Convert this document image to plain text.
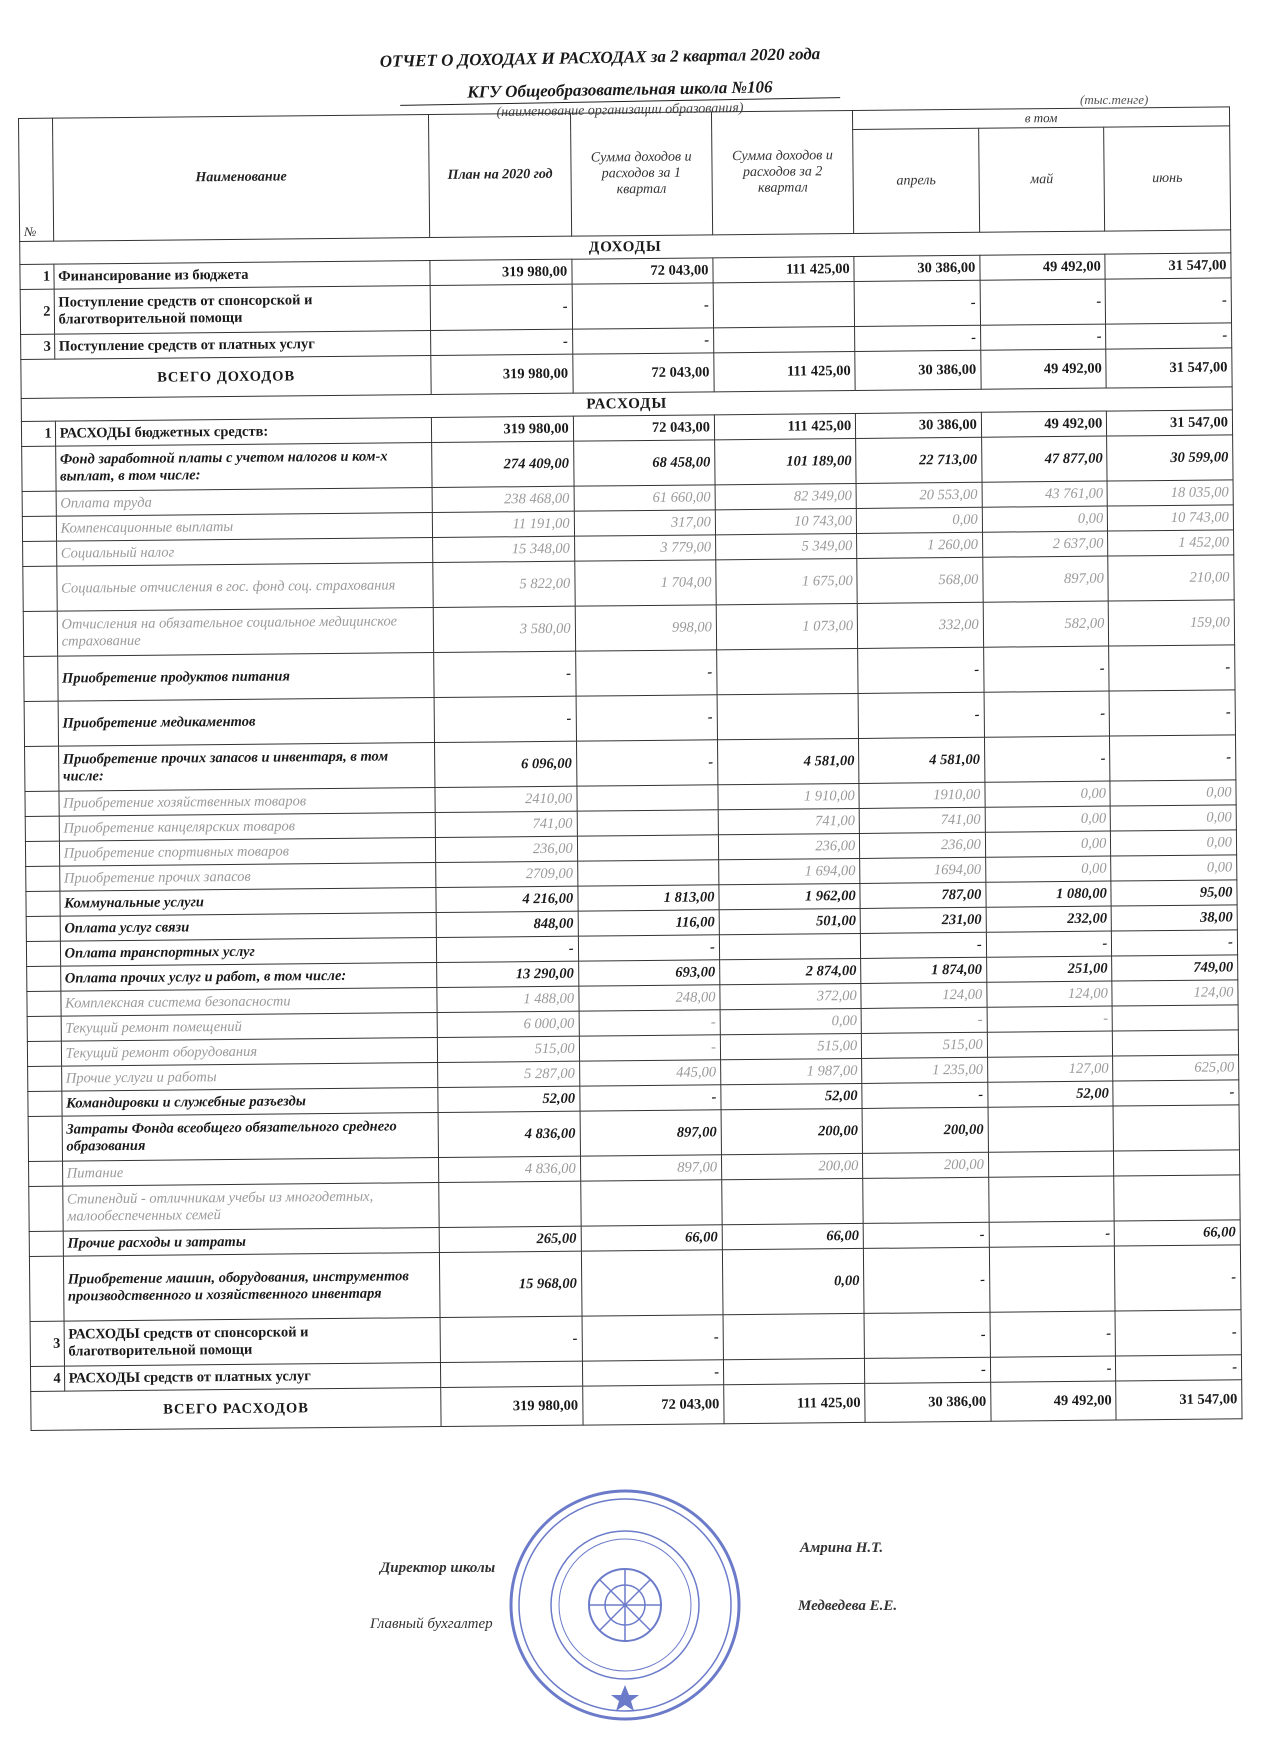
ОТЧЕТ О ДОХОДАХ И РАСХОДАХ за 2 квартал 2020 года
КГУ Общеобразовательная школа №106
(наименование организации образования)
(тыс.тенге)
№	Наименование	План на 2020 год	Сумма доходов и расходов за 1 квартал	Сумма доходов и расходов за 2 квартал	в том		
					апрель	май	июнь
ДОХОДЫ							
1	Финансирование из бюджета	319 980,00	72 043,00	111 425,00	30 386,00	49 492,00	31 547,00
2	Поступление средств от спонсорской и благотворительной помощи	-	-		-	-	-
3	Поступление средств от платных услуг	-	-		-	-	-
ВСЕГО ДОХОДОВ		319 980,00	72 043,00	111 425,00	30 386,00	49 492,00	31 547,00
РАСХОДЫ							
1	РАСХОДЫ бюджетных средств:	319 980,00	72 043,00	111 425,00	30 386,00	49 492,00	31 547,00
	Фонд заработной платы с учетом налогов и ком-х выплат, в том числе:	274 409,00	68 458,00	101 189,00	22 713,00	47 877,00	30 599,00
	Оплата труда	238 468,00	61 660,00	82 349,00	20 553,00	43 761,00	18 035,00
	Компенсационные выплаты	11 191,00	317,00	10 743,00	0,00	0,00	10 743,00
	Социальный налог	15 348,00	3 779,00	5 349,00	1 260,00	2 637,00	1 452,00
	Социальные отчисления в гос. фонд соц. страхования	5 822,00	1 704,00	1 675,00	568,00	897,00	210,00
	Отчисления на обязательное социальное медицинское страхование	3 580,00	998,00	1 073,00	332,00	582,00	159,00
	Приобретение продуктов питания	-	-		-	-	-
	Приобретение медикаментов	-	-		-	-	-
	Приобретение прочих запасов и инвентаря, в том числе:	6 096,00	-	4 581,00	4 581,00	-	-
	Приобретение хозяйственных товаров	2410,00		1 910,00	1910,00	0,00	0,00
	Приобретение канцелярских товаров	741,00		741,00	741,00	0,00	0,00
	Приобретение спортивных товаров	236,00		236,00	236,00	0,00	0,00
	Приобретение прочих запасов	2709,00		1 694,00	1694,00	0,00	0,00
	Коммунальные услуги	4 216,00	1 813,00	1 962,00	787,00	1 080,00	95,00
	Оплата услуг связи	848,00	116,00	501,00	231,00	232,00	38,00
	Оплата транспортных услуг	-	-		-	-	-
	Оплата прочих услуг и работ, в том числе:	13 290,00	693,00	2 874,00	1 874,00	251,00	749,00
	Комплексная система безопасности	1 488,00	248,00	372,00	124,00	124,00	124,00
	Текущий ремонт помещений	6 000,00	-	0,00	-	-	
	Текущий ремонт оборудования	515,00	-	515,00	515,00		
	Прочие услуги и работы	5 287,00	445,00	1 987,00	1 235,00	127,00	625,00
	Командировки и служебные разъезды	52,00	-	52,00	-	52,00	-
	Затраты Фонда всеобщего обязательного среднего образования	4 836,00	897,00	200,00	200,00		
	Питание	4 836,00	897,00	200,00	200,00		
	Стипендий - отличникам учебы из многодетных, малообеспеченных семей						
	Прочие расходы и затраты	265,00	66,00	66,00	-	-	66,00
	Приобретение машин, оборудования, инструментов производственного и хозяйственного инвентаря	15 968,00		0,00	-		-
3	РАСХОДЫ средств от спонсорской и благотворительной помощи	-	-		-	-	-
4	РАСХОДЫ средств от платных услуг		-		-	-	-
ВСЕГО РАСХОДОВ		319 980,00	72 043,00	111 425,00	30 386,00	49 492,00	31 547,00
Директор школы
Амрина Н.Т.
Главный бухгалтер
Медведева Е.Е.
